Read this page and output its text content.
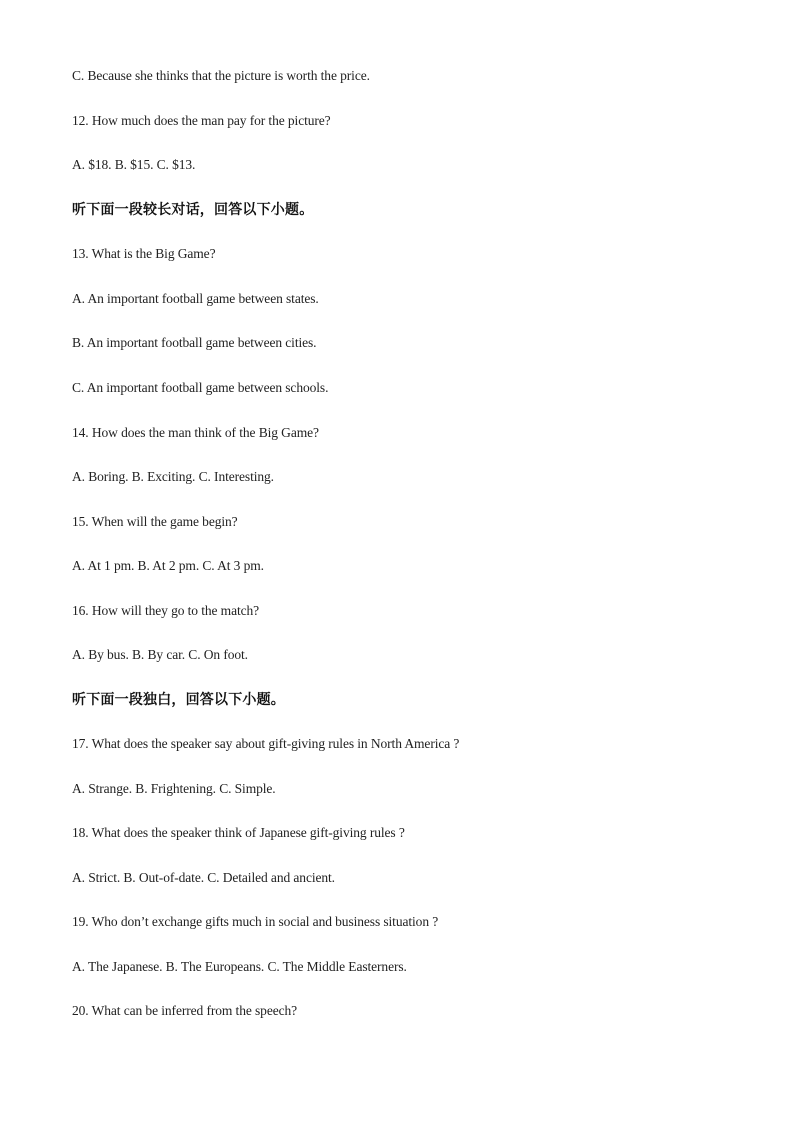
C. Because she thinks that the picture is worth the price.
12. How much does the man pay for the picture?
A. $18. B. $15. C. $13.
听下面一段较长对话，回答以下小题。
13. What is the Big Game?
A. An important football game between states.
B. An important football game between cities.
C. An important football game between schools.
14. How does the man think of the Big Game?
A. Boring. B. Exciting. C. Interesting.
15. When will the game begin?
A. At 1 pm. B. At 2 pm. C. At 3 pm.
16. How will they go to the match?
A. By bus. B. By car. C. On foot.
听下面一段独白，回答以下小题。
17. What does the speaker say about gift-giving rules in North America ?
A. Strange. B. Frightening. C. Simple.
18. What does the speaker think of Japanese gift-giving rules ?
A. Strict. B. Out-of-date. C. Detailed and ancient.
19. Who don’t exchange gifts much in social and business situation ?
A. The Japanese. B. The Europeans. C. The Middle Easterners.
20. What can be inferred from the speech?
